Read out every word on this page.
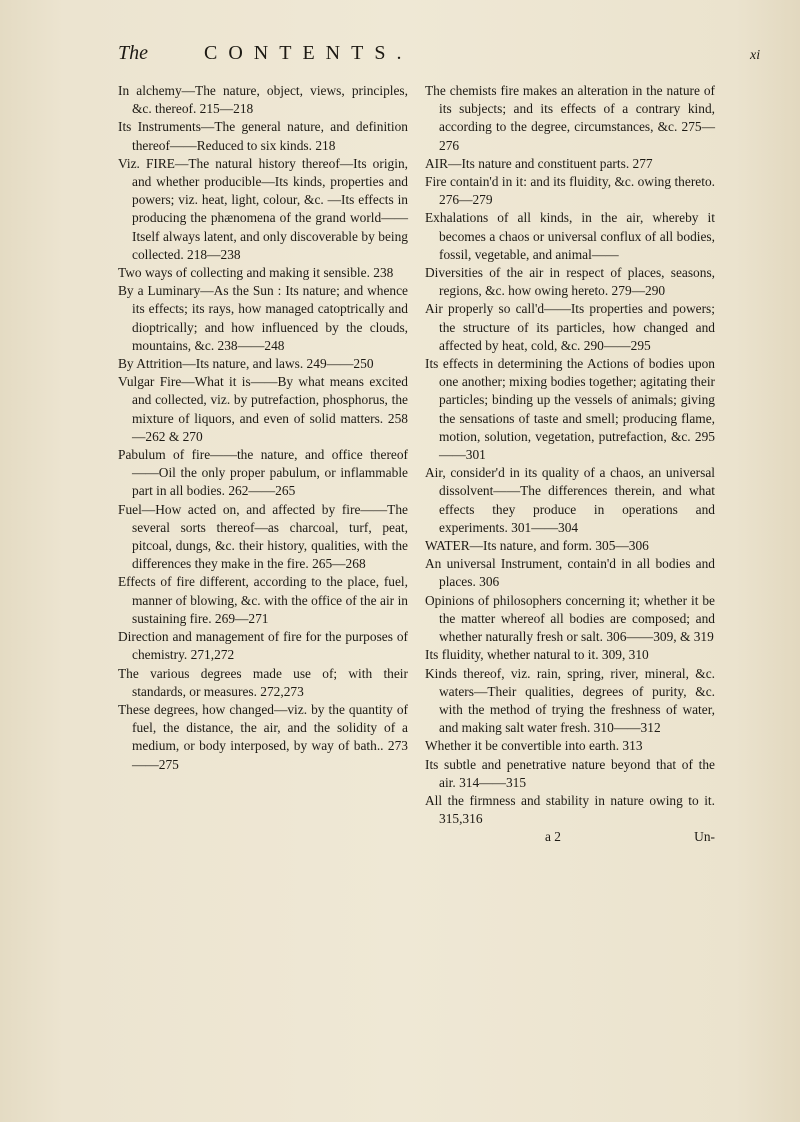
The	CONTENTS.	xi

In alchemy—The nature, object, views, principles, &c. thereof. 215—218

Its Instruments—The general nature, and definition thereof——Reduced to six kinds. 218

Viz. FIRE—The natural history thereof—Its origin, and whether producible—Its kinds, properties and powers; viz. heat, light, colour, &c. —Its effects in producing the phænomena of the grand world——Itself always latent, and only discoverable by being collected. 218—238

Two ways of collecting and making it sensible. 238

By a Luminary—As the Sun : Its nature; and whence its effects; its rays, how managed catoptrically and dioptrically; and how influenced by the clouds, mountains, &c. 238——248

By Attrition—Its nature, and laws. 249——250

Vulgar Fire—What it is——By what means excited and collected, viz. by putrefaction, phosphorus, the mixture of liquors, and even of solid matters. 258—262 & 270

Pabulum of fire——the nature, and office thereof——Oil the only proper pabulum, or inflammable part in all bodies. 262——265

Fuel—How acted on, and affected by fire——The several sorts thereof—as charcoal, turf, peat, pitcoal, dungs, &c. their history, qualities, with the differences they make in the fire. 265—268

Effects of fire different, according to the place, fuel, manner of blowing, &c. with the office of the air in sustaining fire. 269—271

Direction and management of fire for the purposes of chemistry. 271,272

The various degrees made use of; with their standards, or measures. 272,273

These degrees, how changed—viz. by the quantity of fuel, the distance, the air, and the solidity of a medium, or body interposed, by way of bath.. 273——275

The chemists fire makes an alteration in the nature of its subjects; and its effects of a contrary kind, according to the degree, circumstances, &c. 275—276

AIR—Its nature and constituent parts. 277

Fire contain'd in it: and its fluidity, &c. owing thereto. 276—279

Exhalations of all kinds, in the air, whereby it becomes a chaos or universal conflux of all bodies, fossil, vegetable, and animal——

Diversities of the air in respect of places, seasons, regions, &c. how owing hereto. 279—290

Air properly so call'd——Its properties and powers; the structure of its particles, how changed and affected by heat, cold, &c. 290——295

Its effects in determining the Actions of bodies upon one another; mixing bodies together; agitating their particles; binding up the vessels of animals; giving the sensations of taste and smell; producing flame, motion, solution, vegetation, putrefaction, &c. 295——301

Air, consider'd in its quality of a chaos, an universal dissolvent——The differences therein, and what effects they produce in operations and experiments. 301——304

WATER—Its nature, and form. 305—306

An universal Instrument, contain'd in all bodies and places. 306

Opinions of philosophers concerning it; whether it be the matter whereof all bodies are composed; and whether naturally fresh or salt. 306——309, & 319

Its fluidity, whether natural to it. 309, 310

Kinds thereof, viz. rain, spring, river, mineral, &c. waters—Their qualities, degrees of purity, &c. with the method of trying the freshness of water, and making salt water fresh. 310——312

Whether it be convertible into earth. 313

Its subtle and penetrative nature beyond that of the air. 314——315

All the firmness and stability in nature owing to it. 315,316

a 2	Un-
